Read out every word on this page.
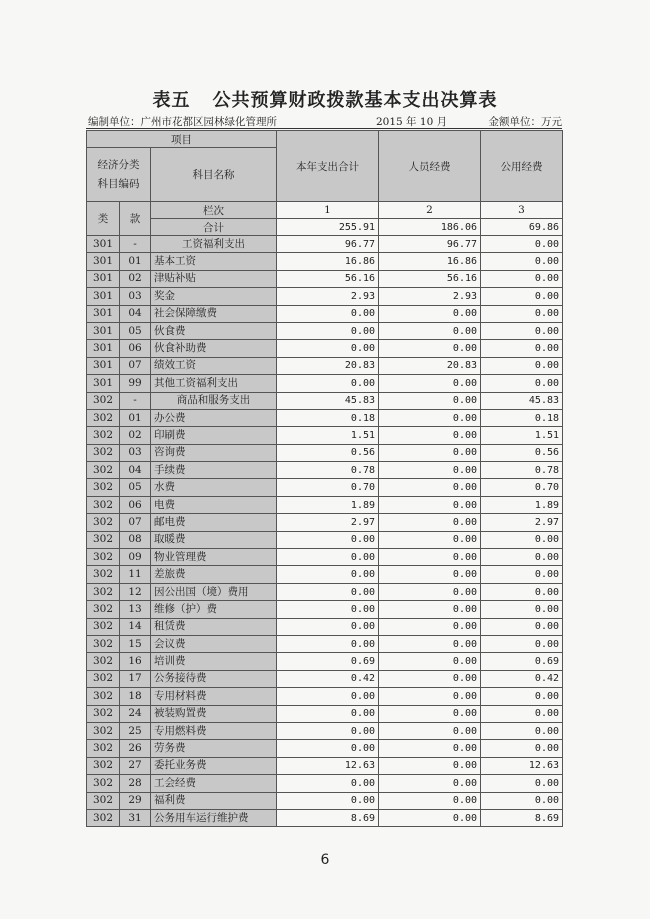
表五 公共预算财政拨款基本支出决算表
编制单位：广州市花都区园林绿化管理所	2015 年 10 月	金额单位：万元
项目			本年支出合计	人员经费	公用经费
经济分类科目编码		科目名称			

类	款	栏次	1	2	3
		合计	255.91	186.06	69.86
301	-	工资福利支出	96.77	96.77	0.00
301	01	基本工资	16.86	16.86	0.00
301	02	津贴补贴	56.16	56.16	0.00
301	03	奖金	2.93	2.93	0.00
301	04	社会保障缴费	0.00	0.00	0.00
301	05	伙食费	0.00	0.00	0.00
301	06	伙食补助费	0.00	0.00	0.00
301	07	绩效工资	20.83	20.83	0.00
301	99	其他工资福利支出	0.00	0.00	0.00
302	-	商品和服务支出	45.83	0.00	45.83
302	01	办公费	0.18	0.00	0.18
302	02	印刷费	1.51	0.00	1.51
302	03	咨询费	0.56	0.00	0.56
302	04	手续费	0.78	0.00	0.78
302	05	水费	0.70	0.00	0.70
302	06	电费	1.89	0.00	1.89
302	07	邮电费	2.97	0.00	2.97
302	08	取暖费	0.00	0.00	0.00
302	09	物业管理费	0.00	0.00	0.00
302	11	差旅费	0.00	0.00	0.00
302	12	因公出国（境）费用	0.00	0.00	0.00
302	13	维修（护）费	0.00	0.00	0.00
302	14	租赁费	0.00	0.00	0.00
302	15	会议费	0.00	0.00	0.00
302	16	培训费	0.69	0.00	0.69
302	17	公务接待费	0.42	0.00	0.42
302	18	专用材料费	0.00	0.00	0.00
302	24	被装购置费	0.00	0.00	0.00
302	25	专用燃料费	0.00	0.00	0.00
302	26	劳务费	0.00	0.00	0.00
302	27	委托业务费	12.63	0.00	12.63
302	28	工会经费	0.00	0.00	0.00
302	29	福利费	0.00	0.00	0.00
302	31	公务用车运行维护费	8.69	0.00	8.69
6
